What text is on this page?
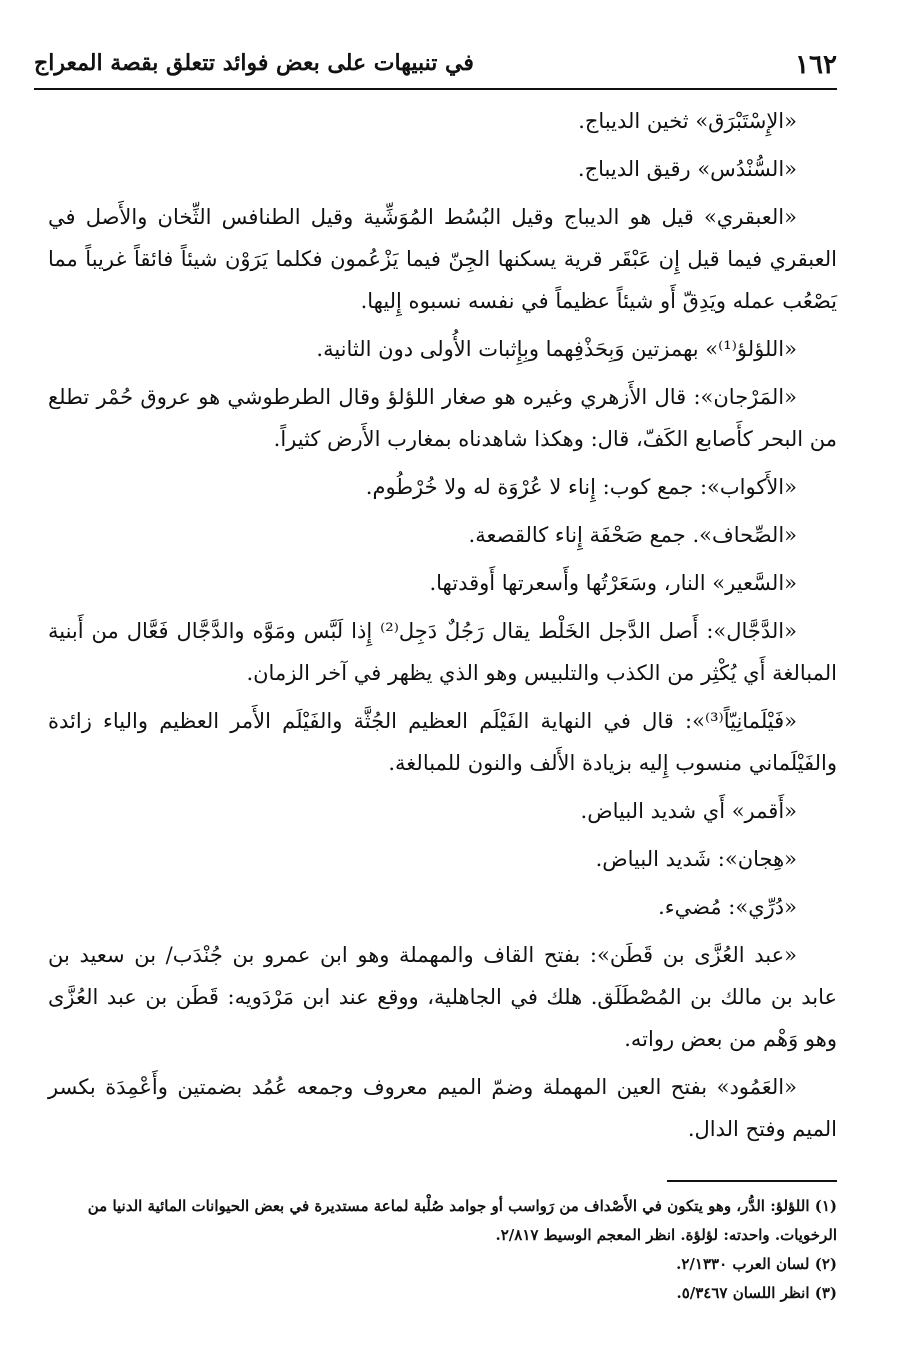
١٦٢
في تنبيهات على بعض فوائد تتعلق بقصة المعراج

«الإِسْتَبْرَق» ثخين الديباج.

«السُّنْدُس» رقيق الديباج.

«العبقري» قيل هو الديباج وقيل البُسُط المُوَشِّية وقيل الطنافس الثِّخان والأَصل في العبقري فيما قيل إِن عَبْقَر قرية يسكنها الجِنّ فيما يَزْعُمون فكلما يَرَوْن شيئاً فائقاً غريباً مما يَصْعُب عمله ويَدِقّ أَو شيئاً عظيماً في نفسه نسبوه إِليها.

«اللؤلؤ⁽¹⁾» بهمزتين وَبِحَذْفِهما وبِإِثبات الأُولى دون الثانية.

«المَرْجان»: قال الأَزهري وغيره هو صغار اللؤلؤ وقال الطرطوشي هو عروق حُمْر تطلع من البحر كأَصابع الكَفّ، قال: وهكذا شاهدناه بمغارب الأَرض كثيراً.

«الأَكواب»: جمع كوب: إِناء لا عُرْوَة له ولا خُرْطُوم.

«الصِّحاف». جمع صَحْفَة إِناء كالقصعة.

«السَّعير» النار، وسَعَرْتُها وأَسعرتها أَوقدتها.

«الدَّجَّال»: أَصل الدَّجل الخَلْط يقال رَجُلٌ دَجِل⁽²⁾ إِذا لَبَّس ومَوَّه والدَّجَّال فَعَّال من أَبنية المبالغة أَي يُكْثِر من الكذب والتلبيس وهو الذي يظهر في آخر الزمان.

«فَيْلَمانِيّاً⁽³⁾»: قال في النهاية الفَيْلَم العظيم الجُثَّة والفَيْلَم الأَمر العظيم والياء زائدة والفَيْلَماني منسوب إِليه بزيادة الأَلف والنون للمبالغة.

«أَقمر» أَي شديد البياض.

«هِجان»: شَديد البياض.

«دُرِّي»: مُضيء.

«عبد العُزَّى بن قَطَن»: بفتح القاف والمهملة وهو ابن عمرو بن جُنْدَب/ بن سعيد بن عابد بن مالك بن المُصْطَلَق. هلك في الجاهلية، ووقع عند ابن مَرْدَويه: قَطَن بن عبد العُزَّى وهو وَهْم من بعض رواته.

«العَمُود» بفتح العين المهملة وضمّ الميم معروف وجمعه عُمُد بضمتين وأَعْمِدَة بكسر الميم وفتح الدال.

(١) اللؤلؤ: الدُّر، وهو يتكون في الأَصْداف من رَواسب أو جوامد صُلْبة لماعة مستديرة في بعض الحيوانات المائية الدنيا من الرخويات. واحدته: لؤلؤة. انظر المعجم الوسيط ٢/٨١٧.

(٢) لسان العرب ٢/١٣٣٠.

(٣) انظر اللسان ٥/٣٤٦٧.
